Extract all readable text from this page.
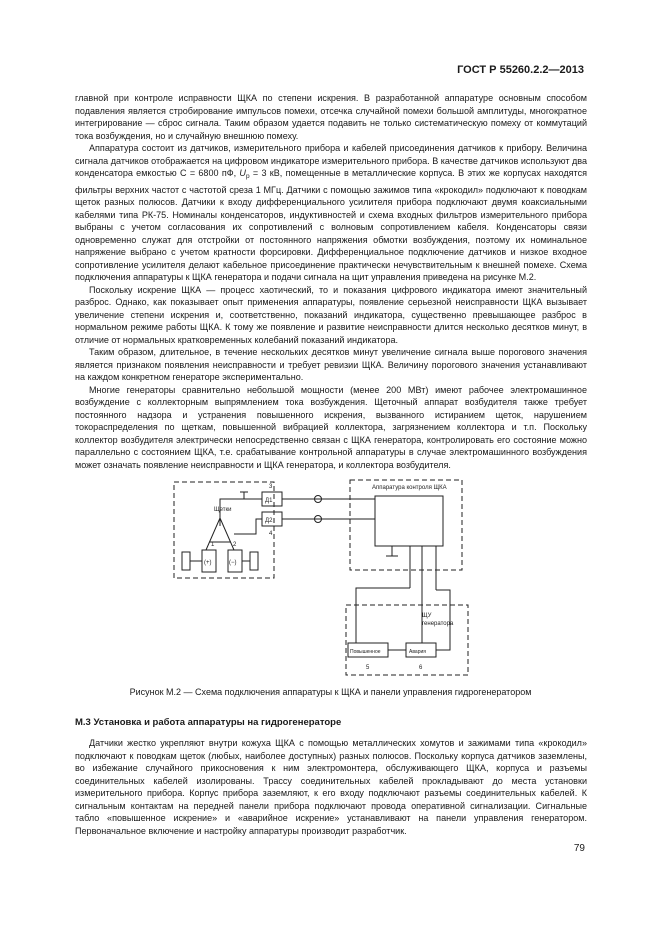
ГОСТ Р 55260.2.2—2013

главной при контроле исправности ЩКА по степени искрения. В разработанной аппаратуре основным способом подавления является стробирование импульсов помехи, отсечка случайной помехи большой амплитуды, многократное интегрирование — сброс сигнала. Таким образом удается подавить не только систематическую помеху от коммутаций тока возбуждения, но и случайную внешнюю помеху.

Аппаратура состоит из датчиков, измерительного прибора и кабелей присоединения датчиков к прибору. Величина сигнала датчиков отображается на цифровом индикаторе измерительного прибора. В качестве датчиков используют два конденсатора емкостью С = 6800 пФ, $U_р = 3$ кВ, помещенные в металлические корпуса. В этих же корпусах находятся фильтры верхних частот с частотой среза 1 МГц. Датчики с помощью зажимов типа «крокодил» подключают к поводкам щеток разных полюсов. Датчики к входу дифференциального усилителя прибора подключают двумя коаксиальными кабелями типа РК-75. Номиналы конденсаторов, индуктивностей и схема входных фильтров измерительного прибора выбраны с учетом согласования их сопротивлений с волновым сопротивлением кабеля. Конденсаторы связи одновременно служат для отстройки от постоянного напряжения обмотки возбуждения, поэтому их номинальное напряжение выбрано с учетом кратности форсировки. Дифференциальное подключение датчиков и низкое входное сопротивление усилителя делают кабельное присоединение практически нечувствительным к внешней помехе. Схема подключения аппаратуры к ЩКА генератора и подачи сигнала на щит управления приведена на рисунке М.2.

Поскольку искрение ЩКА — процесс хаотический, то и показания цифрового индикатора имеют значительный разброс. Однако, как показывает опыт применения аппаратуры, появление серьезной неисправности ЩКА вызывает увеличение степени искрения и, соответственно, показаний индикатора, существенно превышающее разброс в нормальном режиме работы ЩКА. К тому же появление и развитие неисправности длится несколько десятков минут, в отличие от нормальных кратковременных колебаний показаний индикатора.

Таким образом, длительное, в течение нескольких десятков минут увеличение сигнала выше порогового значения является признаком появления неисправности и требует ревизии ЩКА. Величину порогового значения устанавливают на каждом конкретном генераторе экспериментально.

Многие генераторы сравнительно небольшой мощности (менее 200 МВт) имеют рабочее электромашинное возбуждение с коллекторным выпрямлением тока возбуждения. Щеточный аппарат возбудителя также требует постоянного надзора и устранения повышенного искрения, вызванного истиранием щеток, нарушением токораспределения по щеткам, повышенной вибрацией коллектора, загрязнением коллектора и т.п. Поскольку коллектор возбудителя электрически непосредственно связан с ЩКА генератора, контролировать его состояние можно параллельно с состоянием ЩКА, т.е. срабатывание контрольной аппаратуры в случае электромашинного возбуждения может означать появление неисправности и ЩКА генератора, и коллектора возбудителя.

Аппаратура контроля ЩКА
Щетки
Д1
Д2
3
4
1	2
(+)	(−)
ЩУ
генератора
Повышенное	Авария
5	6
Рисунок М.2 — Схема подключения аппаратуры к ЩКА и панели управления гидрогенератором
М.3 Установка и работа аппаратуры на гидрогенераторе

Датчики жестко укрепляют внутри кожуха ЩКА с помощью металлических хомутов и зажимами типа «крокодил» подключают к поводкам щеток (любых, наиболее доступных) разных полюсов. Поскольку корпуса датчиков заземлены, во избежание случайного прикосновения к ним электромонтера, обслуживающего ЩКА, корпуса и разъемы соединительных кабелей изолированы. Трассу соединительных кабелей прокладывают до места установки измерительного прибора. Корпус прибора заземляют, к его входу подключают разъемы соединительных кабелей. К сигнальным контактам на передней панели прибора подключают провода оперативной сигнализации. Сигнальные табло «повышенное искрение» и «аварийное искрение» устанавливают на панели управления генератором. Первоначальное включение и настройку аппаратуры производит разработчик.

79
